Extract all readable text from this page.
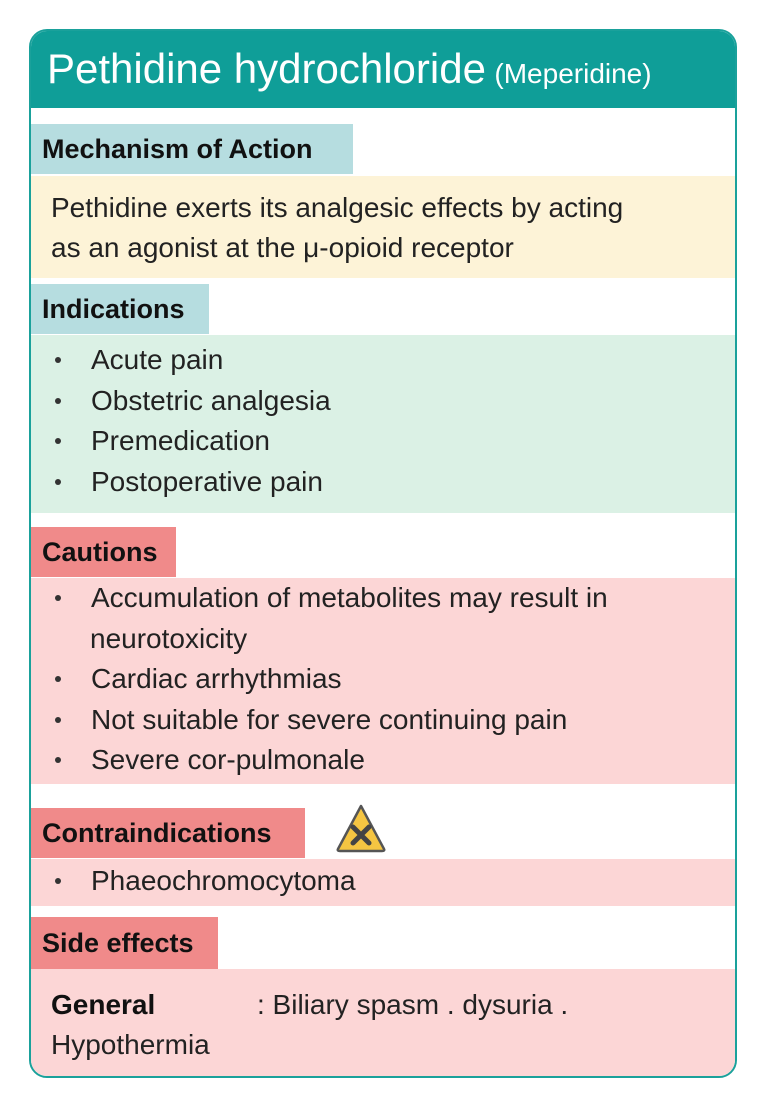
Pethidine hydrochloride (Meperidine)
Mechanism of Action
Pethidine exerts its analgesic effects by acting
as an agonist at the μ-opioid receptor
Indications
Acute pain
Obstetric analgesia
Premedication
Postoperative pain
Cautions
Accumulation of metabolites may result in
neurotoxicity
Cardiac arrhythmias
Not suitable for severe continuing pain
Severe cor-pulmonale
Contraindications
Phaeochromocytoma
Side effects
General	: Biliary spasm . dysuria .
Hypothermia
